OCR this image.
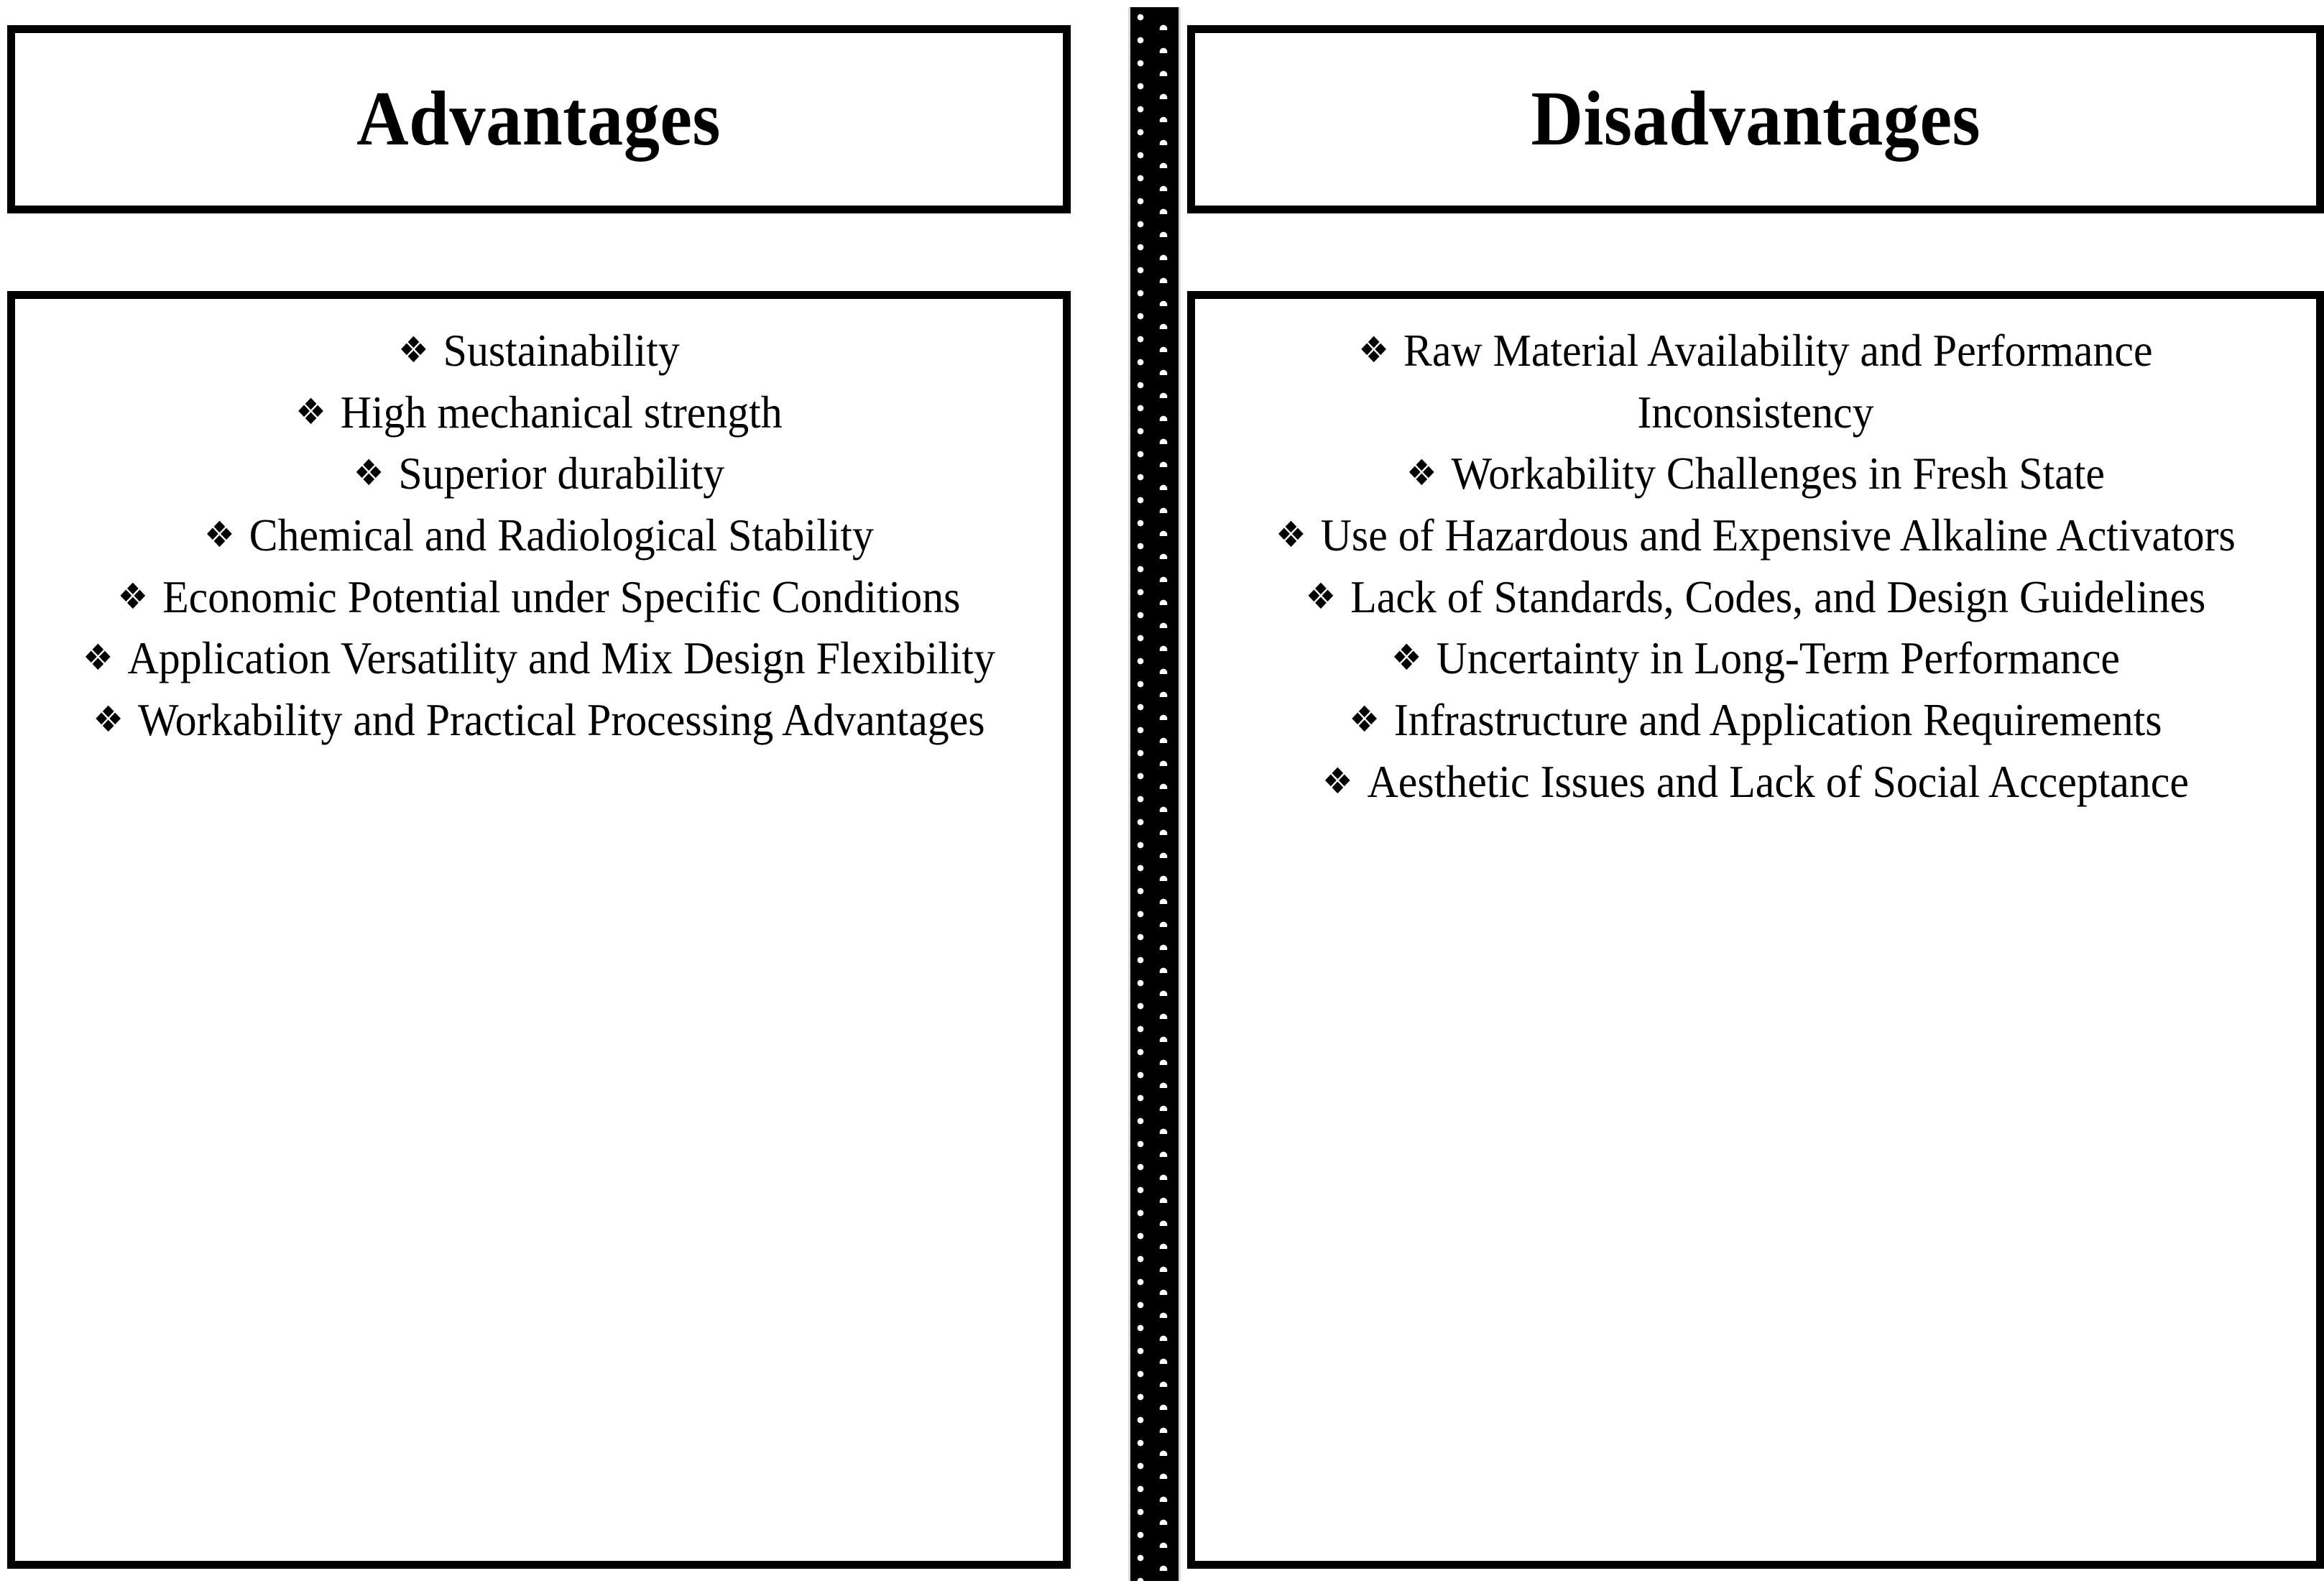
Advantages
❖ Sustainability
❖ High mechanical strength
❖ Superior durability
❖ Chemical and Radiological Stability
❖ Economic Potential under Specific Conditions
❖ Application Versatility and Mix Design Flexibility
❖ Workability and Practical Processing Advantages
Disadvantages
❖ Raw Material Availability and Performance Inconsistency
❖ Workability Challenges in Fresh State
❖ Use of Hazardous and Expensive Alkaline Activators
❖ Lack of Standards, Codes, and Design Guidelines
❖ Uncertainty in Long-Term Performance
❖ Infrastructure and Application Requirements
❖ Aesthetic Issues and Lack of Social Acceptance
